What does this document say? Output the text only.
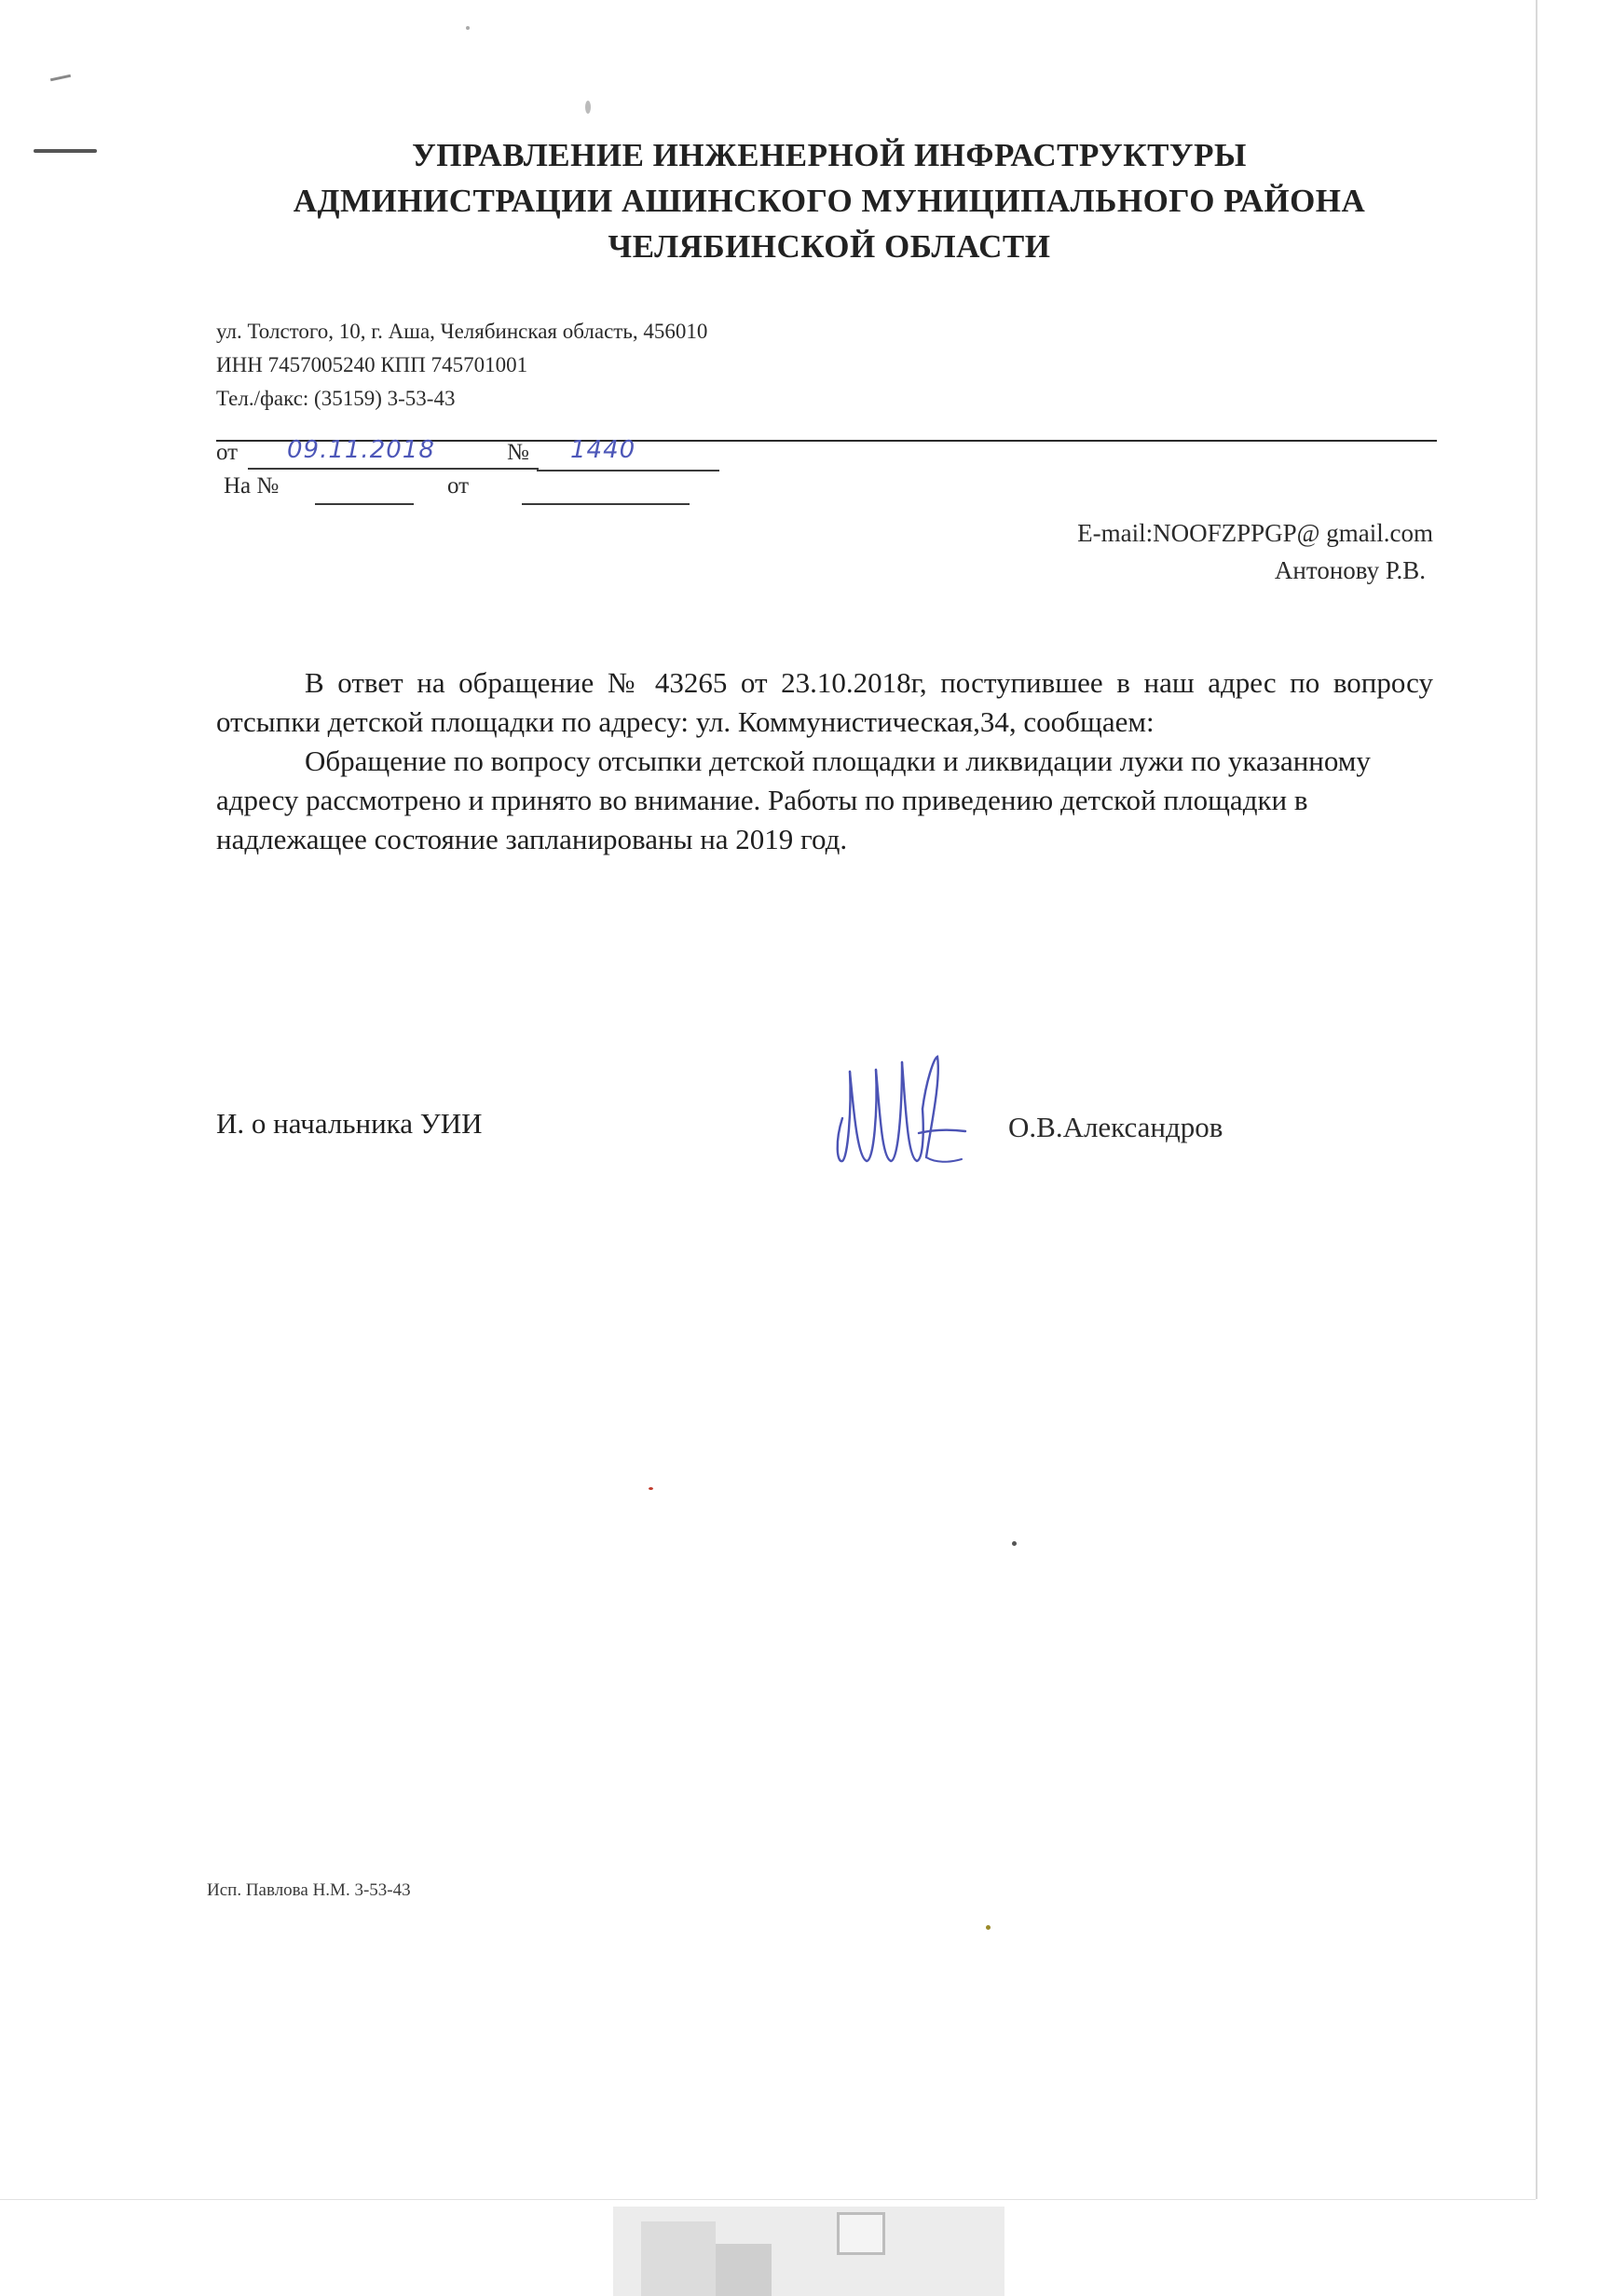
УПРАВЛЕНИЕ ИНЖЕНЕРНОЙ ИНФРАСТРУКТУРЫ
АДМИНИСТРАЦИИ АШИНСКОГО МУНИЦИПАЛЬНОГО РАЙОНА
ЧЕЛЯБИНСКОЙ ОБЛАСТИ
ул. Толстого, 10, г. Аша, Челябинская область, 456010
ИНН 7457005240 КПП 745701001
Тел./факс: (35159) 3-53-43
от 09.11.2018	№ 1440
На №	от
E-mail:NOOFZPPGP@ gmail.com
Антонову Р.В.

В ответ на обращение № 43265 от 23.10.2018г, поступившее в наш адрес по вопросу отсыпки детской площадки по адресу: ул. Коммунистическая,34, сообщаем:

Обращение по вопросу отсыпки детской площадки и ликвидации лужи по указанному адресу рассмотрено и принято во внимание. Работы по приведению детской площадки в надлежащее состояние запланированы на 2019 год.

И. о начальника УИИ	О.В.Александров
Исп. Павлова Н.М. 3-53-43
